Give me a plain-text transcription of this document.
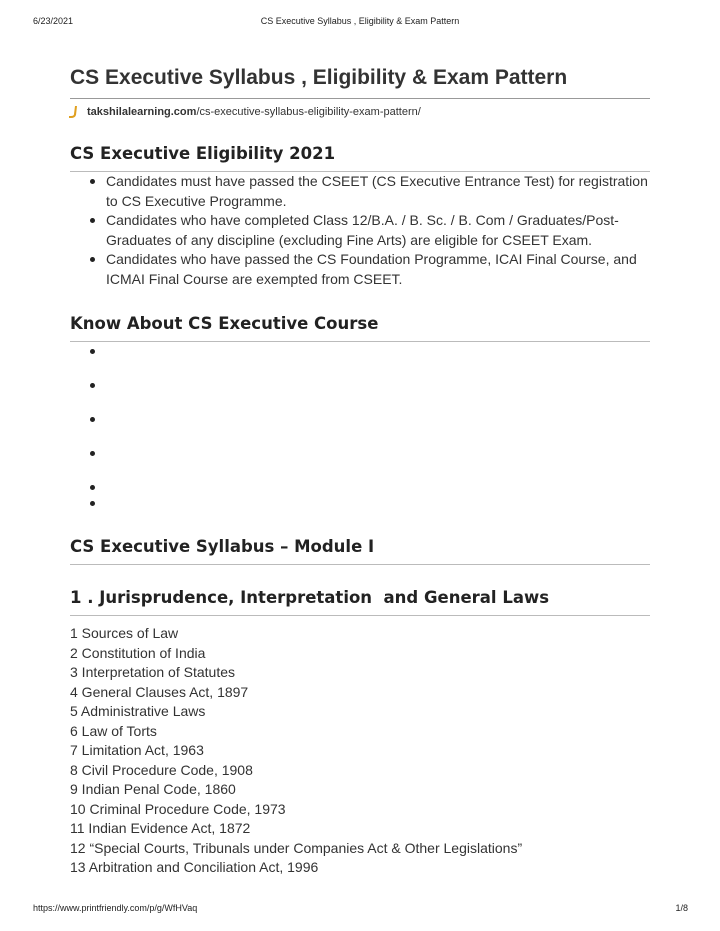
6/23/2021	CS Executive Syllabus , Eligibility & Exam Pattern
CS Executive Syllabus , Eligibility & Exam Pattern
takshilalearning.com/cs-executive-syllabus-eligibility-exam-pattern/
CS Executive Eligibility 2021
Candidates must have passed the CSEET (CS Executive Entrance Test) for registration to CS Executive Programme.
Candidates who have completed Class 12/B.A. / B. Sc. / B. Com / Graduates/Post-Graduates of any discipline (excluding Fine Arts) are eligible for CSEET Exam.
Candidates who have passed the CS Foundation Programme, ICAI Final Course, and ICMAI Final Course are exempted from CSEET.
Know About CS Executive Course
CS Executive Syllabus – Module I
1 . Jurisprudence, Interpretation  and General Laws
1 Sources of Law
2 Constitution of India
3 Interpretation of Statutes
4 General Clauses Act, 1897
5 Administrative Laws
6 Law of Torts
7 Limitation Act, 1963
8 Civil Procedure Code, 1908
9 Indian Penal Code, 1860
10 Criminal Procedure Code, 1973
11 Indian Evidence Act, 1872
12 “Special Courts, Tribunals under Companies Act & Other Legislations”
13 Arbitration and Conciliation Act, 1996
https://www.printfriendly.com/p/g/WfHVaq	1/8
